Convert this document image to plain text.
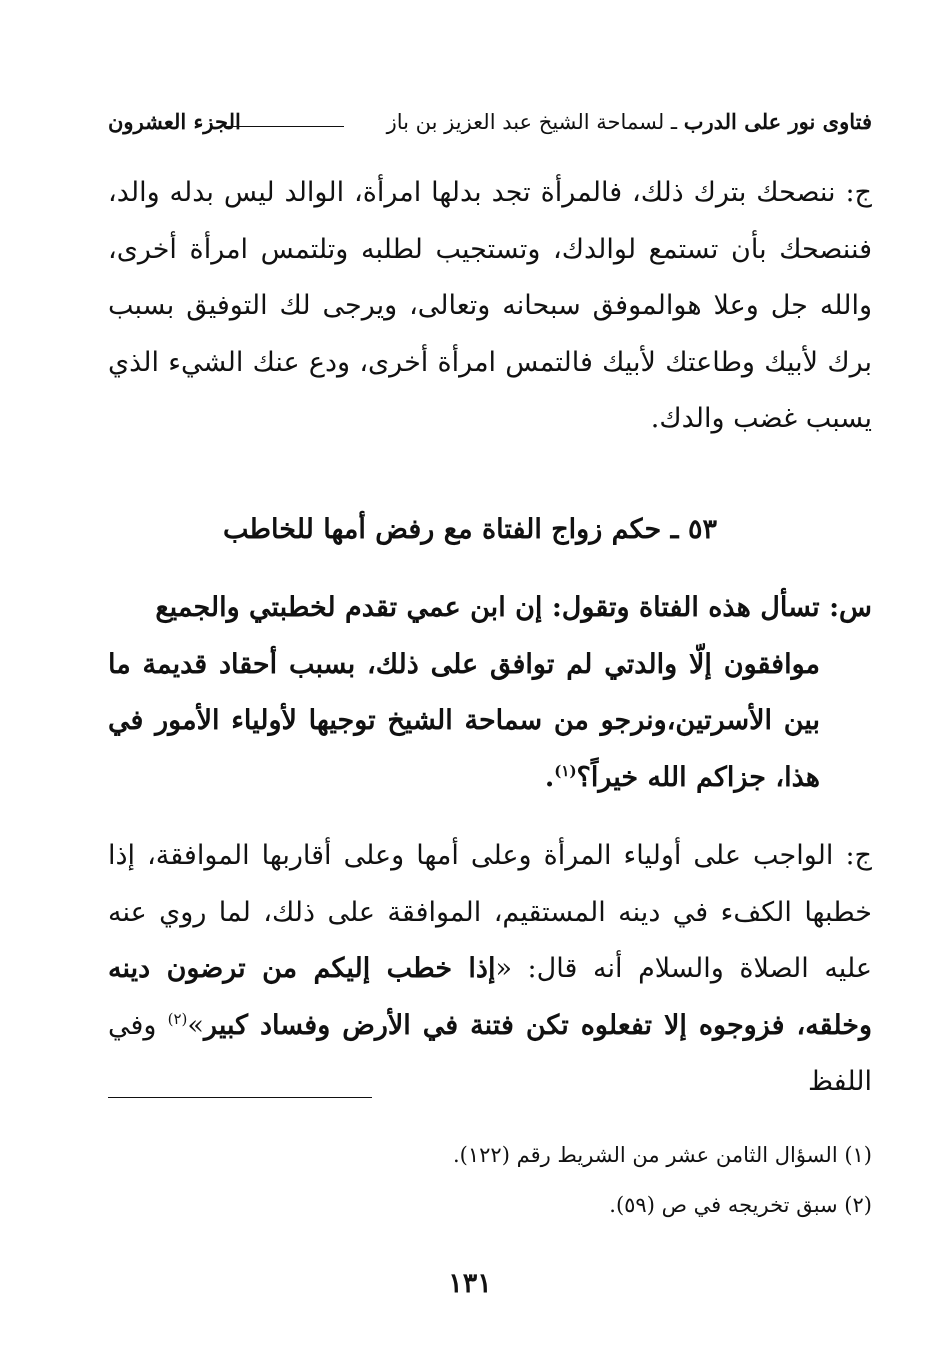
فتاوى نور على الدرب ـ لسماحة الشيخ عبد العزيز بن باز
الجزء العشرون
ج: ننصحك بترك ذلك، فالمرأة تجد بدلها امرأة، الوالد ليس بدله والد، فننصحك بأن تستمع لوالدك، وتستجيب لطلبه وتلتمس امرأة أخرى، والله جل وعلا هوالموفق سبحانه وتعالى، ويرجى لك التوفيق بسبب برك لأبيك وطاعتك لأبيك فالتمس امرأة أخرى، ودع عنك الشيء الذي يسبب غضب والدك.
٥٣ ـ حكم زواج الفتاة مع رفض أمها للخاطب
س: تسأل هذه الفتاة وتقول: إن ابن عمي تقدم لخطبتي والجميع
موافقون إلّا والدتي لم توافق على ذلك، بسبب أحقاد قديمة ما بين الأسرتين،ونرجو من سماحة الشيخ توجيها لأولياء الأمور في هذا، جزاكم الله خيراً؟$^{(١)}$.
ج: الواجب على أولياء المرأة وعلى أمها وعلى أقاربها الموافقة، إذا خطبها الكفء في دينه المستقيم، الموافقة على ذلك، لما روي عنه عليه الصلاة والسلام أنه قال: «إذا خطب إليكم من ترضون دينه وخلقه، فزوجوه إلا تفعلوه تكن فتنة في الأرض وفساد كبير»$^{(٢)}$ وفي اللفظ
(١) السؤال الثامن عشر من الشريط رقم (١٢٢).
(٢) سبق تخريجه في ص (٥٩).
١٣١
